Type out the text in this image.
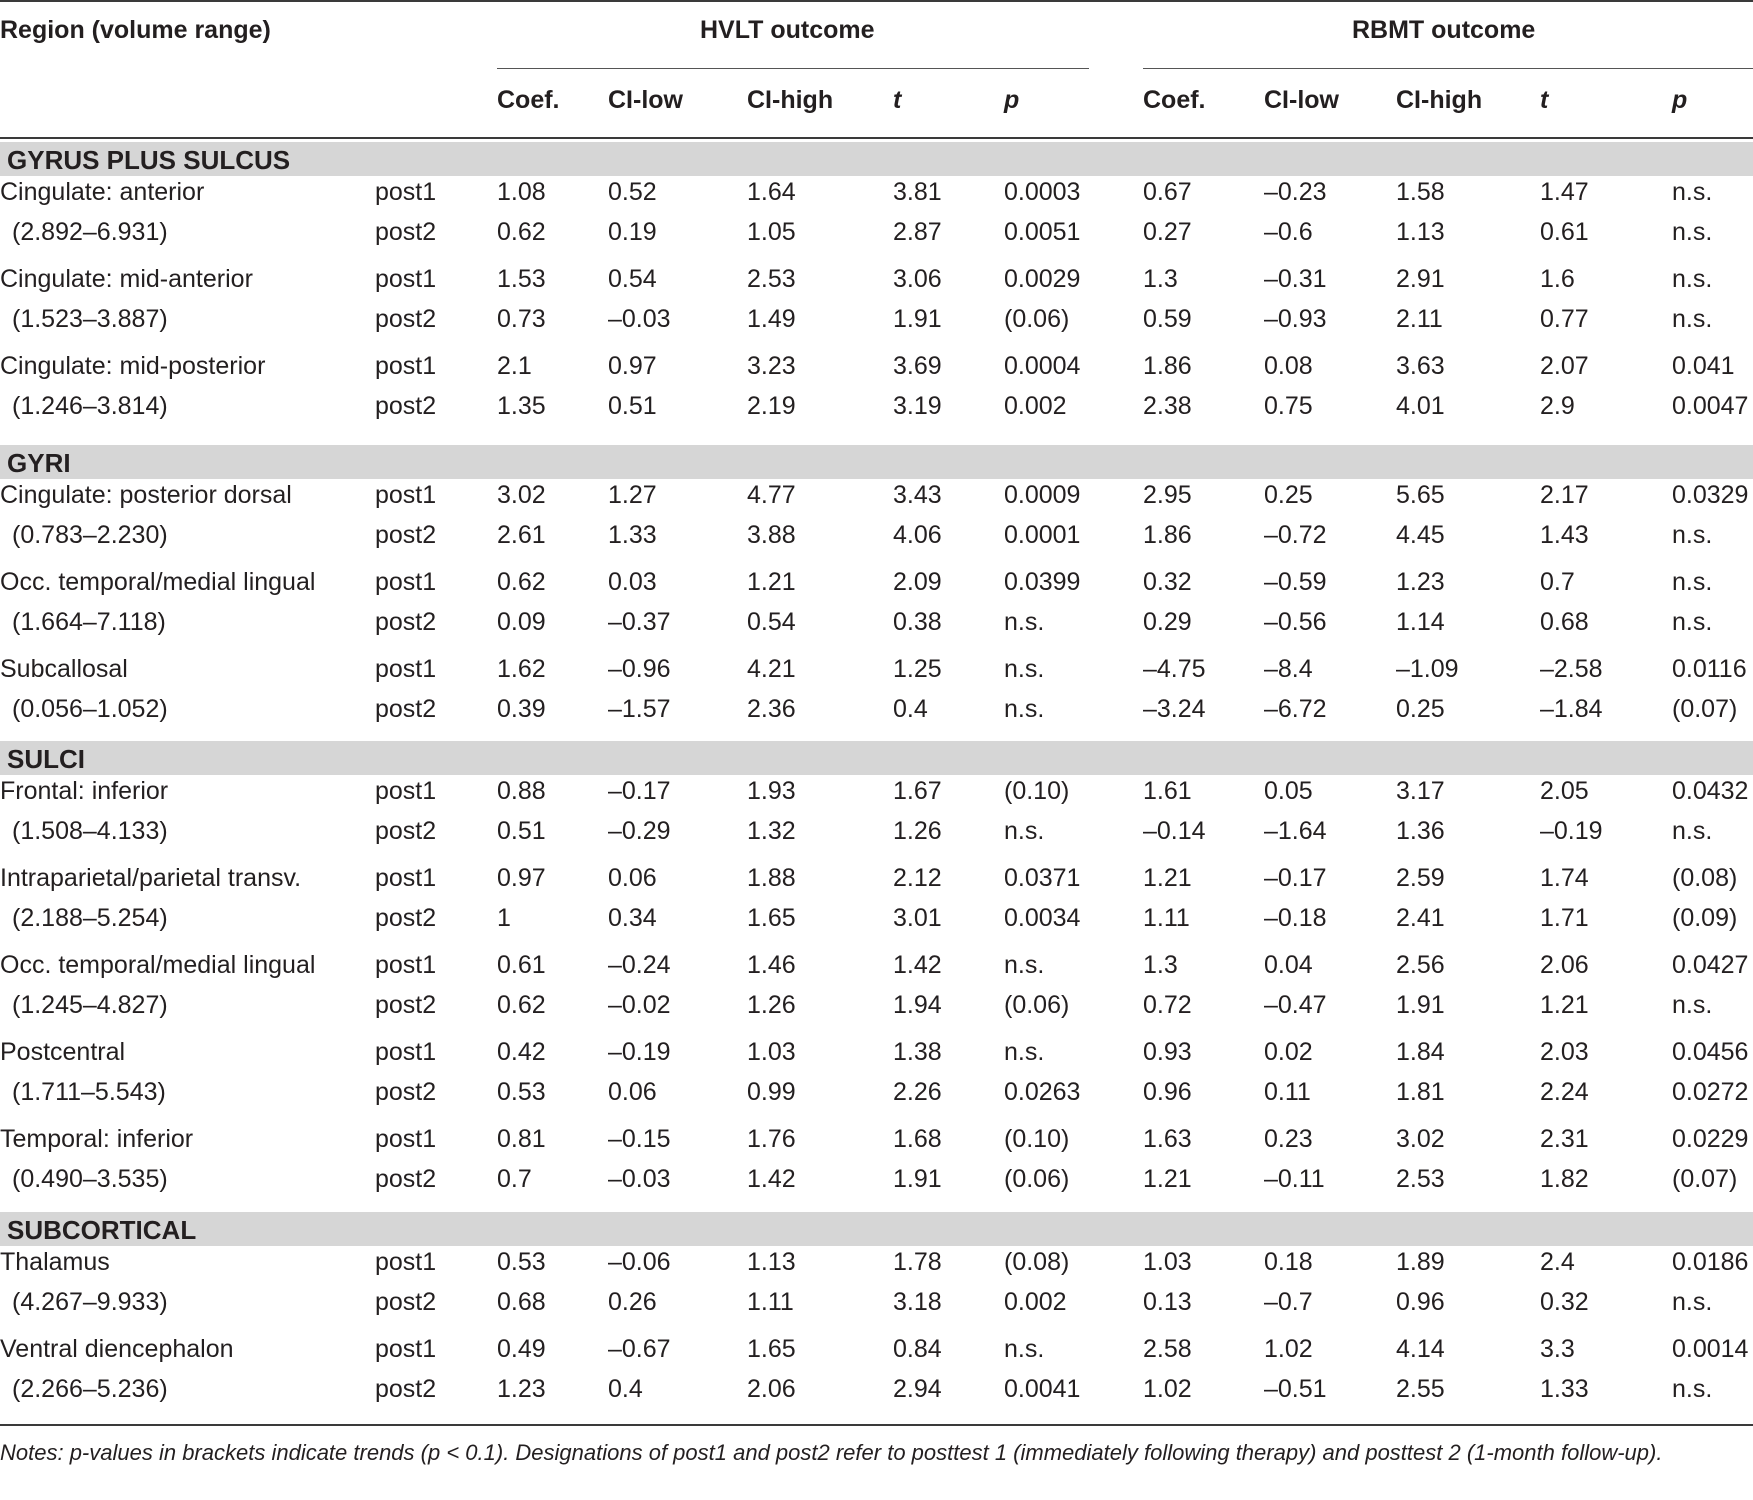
Region (volume range)	HVLT outcome	RBMT outcome
Coef. CI-low	CI-high t	p	Coef. CI-low CI-high t	p
GYRUS PLUS SULCUS
Cingulate: anterior	post1 1.08 0.52	1.64	3.81 0.0003	0.67	–0.23	1.58	1.47	n.s.
(2.892–6.931)	post2 0.62 0.19	1.05	2.87 0.0051	0.27	–0.6	1.13	0.61	n.s.
Cingulate: mid-anterior	post1 1.53 0.54	2.53	3.06 0.0029	1.3	–0.31	2.91	1.6	n.s.
(1.523–3.887)	post2 0.73 –0.03	1.49	1.91 (0.06)	0.59	–0.93	2.11	0.77	n.s.
Cingulate: mid-posterior	post1 2.1	0.97	3.23	3.69 0.0004	1.86	0.08	3.63	2.07	0.041
(1.246–3.814)	post2 1.35 0.51	2.19	3.19 0.002	2.38	0.75	4.01	2.9	0.0047
GYRI
Cingulate: posterior dorsal	post1 3.02 1.27	4.77	3.43 0.0009	2.95	0.25	5.65	2.17	0.0329
(0.783–2.230)	post2 2.61 1.33	3.88	4.06 0.0001	1.86	–0.72	4.45	1.43	n.s.
Occ. temporal/medial lingual post1 0.62 0.03	1.21	2.09 0.0399	0.32	–0.59	1.23	0.7	n.s.
(1.664–7.118)	post2 0.09 –0.37	0.54	0.38 n.s.	0.29	–0.56	1.14	0.68	n.s.
Subcallosal	post1 1.62 –0.96	4.21	1.25 n.s.	–4.75 –8.4	–1.09	–2.58	0.0116
(0.056–1.052)	post2 0.39 –1.57	2.36	0.4	n.s.	–3.24 –6.72	0.25	–1.84	(0.07)
SULCI
Frontal: inferior	post1 0.88 –0.17	1.93	1.67 (0.10)	1.61	0.05	3.17	2.05	0.0432
(1.508–4.133)	post2 0.51 –0.29	1.32	1.26 n.s.	–0.14 –1.64	1.36	–0.19	n.s.
Intraparietal/parietal transv.	post1 0.97 0.06	1.88	2.12 0.0371	1.21	–0.17	2.59	1.74	(0.08)
(2.188–5.254)	post2 1	0.34	1.65	3.01 0.0034	1.11	–0.18	2.41	1.71	(0.09)
Occ. temporal/medial lingual post1 0.61 –0.24	1.46	1.42 n.s.	1.3	0.04	2.56	2.06	0.0427
(1.245–4.827)	post2 0.62 –0.02	1.26	1.94 (0.06)	0.72	–0.47	1.91	1.21	n.s.
Postcentral	post1 0.42 –0.19	1.03	1.38 n.s.	0.93	0.02	1.84	2.03	0.0456
(1.711–5.543)	post2 0.53 0.06	0.99	2.26 0.0263	0.96	0.11	1.81	2.24	0.0272
Temporal: inferior	post1 0.81 –0.15	1.76	1.68 (0.10)	1.63	0.23	3.02	2.31	0.0229
(0.490–3.535)	post2 0.7	–0.03	1.42	1.91 (0.06)	1.21	–0.11	2.53	1.82	(0.07)
SUBCORTICAL
Thalamus	post1 0.53 –0.06	1.13	1.78 (0.08)	1.03	0.18	1.89	2.4	0.0186
(4.267–9.933)	post2 0.68 0.26	1.11	3.18 0.002	0.13	–0.7	0.96	0.32	n.s.
Ventral diencephalon	post1 0.49 –0.67	1.65	0.84 n.s.	2.58	1.02	4.14	3.3	0.0014
(2.266–5.236)	post2 1.23 0.4	2.06	2.94 0.0041	1.02	–0.51	2.55	1.33	n.s.
Notes: p-values in brackets indicate trends (p < 0.1). Designations of post1 and post2 refer to posttest 1 (immediately following therapy) and posttest 2 (1-month follow-up).
